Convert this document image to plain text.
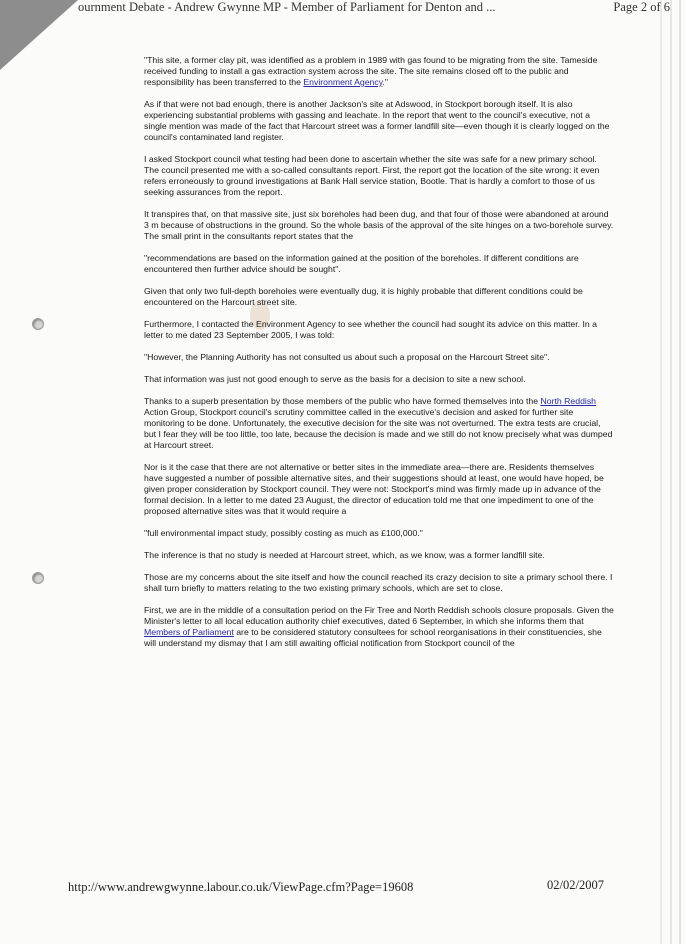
ournment Debate - Andrew Gwynne MP - Member of Parliament for Denton and ...	Page 2 of 6

"This site, a former clay pit, was identified as a problem in 1989 with gas found to be migrating from the site. Tameside received funding to install a gas extraction system across the site. The site remains closed off to the public and responsibility has been transferred to the Environment Agency."

As if that were not bad enough, there is another Jackson's site at Adswood, in Stockport borough itself. It is also experiencing substantial problems with gassing and leachate. In the report that went to the council's executive, not a single mention was made of the fact that Harcourt street was a former landfill site—even though it is clearly logged on the council's contaminated land register.

I asked Stockport council what testing had been done to ascertain whether the site was safe for a new primary school. The council presented me with a so-called consultants report. First, the report got the location of the site wrong: it even refers erroneously to ground investigations at Bank Hall service station, Bootle. That is hardly a comfort to those of us seeking assurances from the report.

It transpires that, on that massive site, just six boreholes had been dug, and that four of those were abandoned at around 3 m because of obstructions in the ground. So the whole basis of the approval of the site hinges on a two-borehole survey. The small print in the consultants report states that the

"recommendations are based on the information gained at the position of the boreholes. If different conditions are encountered then further advice should be sought".

Given that only two full-depth boreholes were eventually dug, it is highly probable that different conditions could be encountered on the Harcourt street site.

Furthermore, I contacted the Environment Agency to see whether the council had sought its advice on this matter. In a letter to me dated 23 September 2005, I was told:

"However, the Planning Authority has not consulted us about such a proposal on the Harcourt Street site".

That information was just not good enough to serve as the basis for a decision to site a new school.

Thanks to a superb presentation by those members of the public who have formed themselves into the North Reddish Action Group, Stockport council's scrutiny committee called in the executive's decision and asked for further site monitoring to be done. Unfortunately, the executive decision for the site was not overturned. The extra tests are crucial, but I fear they will be too little, too late, because the decision is made and we still do not know precisely what was dumped at Harcourt street.

Nor is it the case that there are not alternative or better sites in the immediate area—there are. Residents themselves have suggested a number of possible alternative sites, and their suggestions should at least, one would have hoped, be given proper consideration by Stockport council. They were not: Stockport's mind was firmly made up in advance of the formal decision. In a letter to me dated 23 August, the director of education told me that one impediment to one of the proposed alternative sites was that it would require a

"full environmental impact study, possibly costing as much as £100,000."

The inference is that no study is needed at Harcourt street, which, as we know, was a former landfill site.

Those are my concerns about the site itself and how the council reached its crazy decision to site a primary school there. I shall turn briefly to matters relating to the two existing primary schools, which are set to close.

First, we are in the middle of a consultation period on the Fir Tree and North Reddish schools closure proposals. Given the Minister's letter to all local education authority chief executives, dated 6 September, in which she informs them that Members of Parliament are to be considered statutory consultees for school reorganisations in their constituencies, she will understand my dismay that I am still awaiting official notification from Stockport council of the

http://www.andrewgwynne.labour.co.uk/ViewPage.cfm?Page=19608	02/02/2007
